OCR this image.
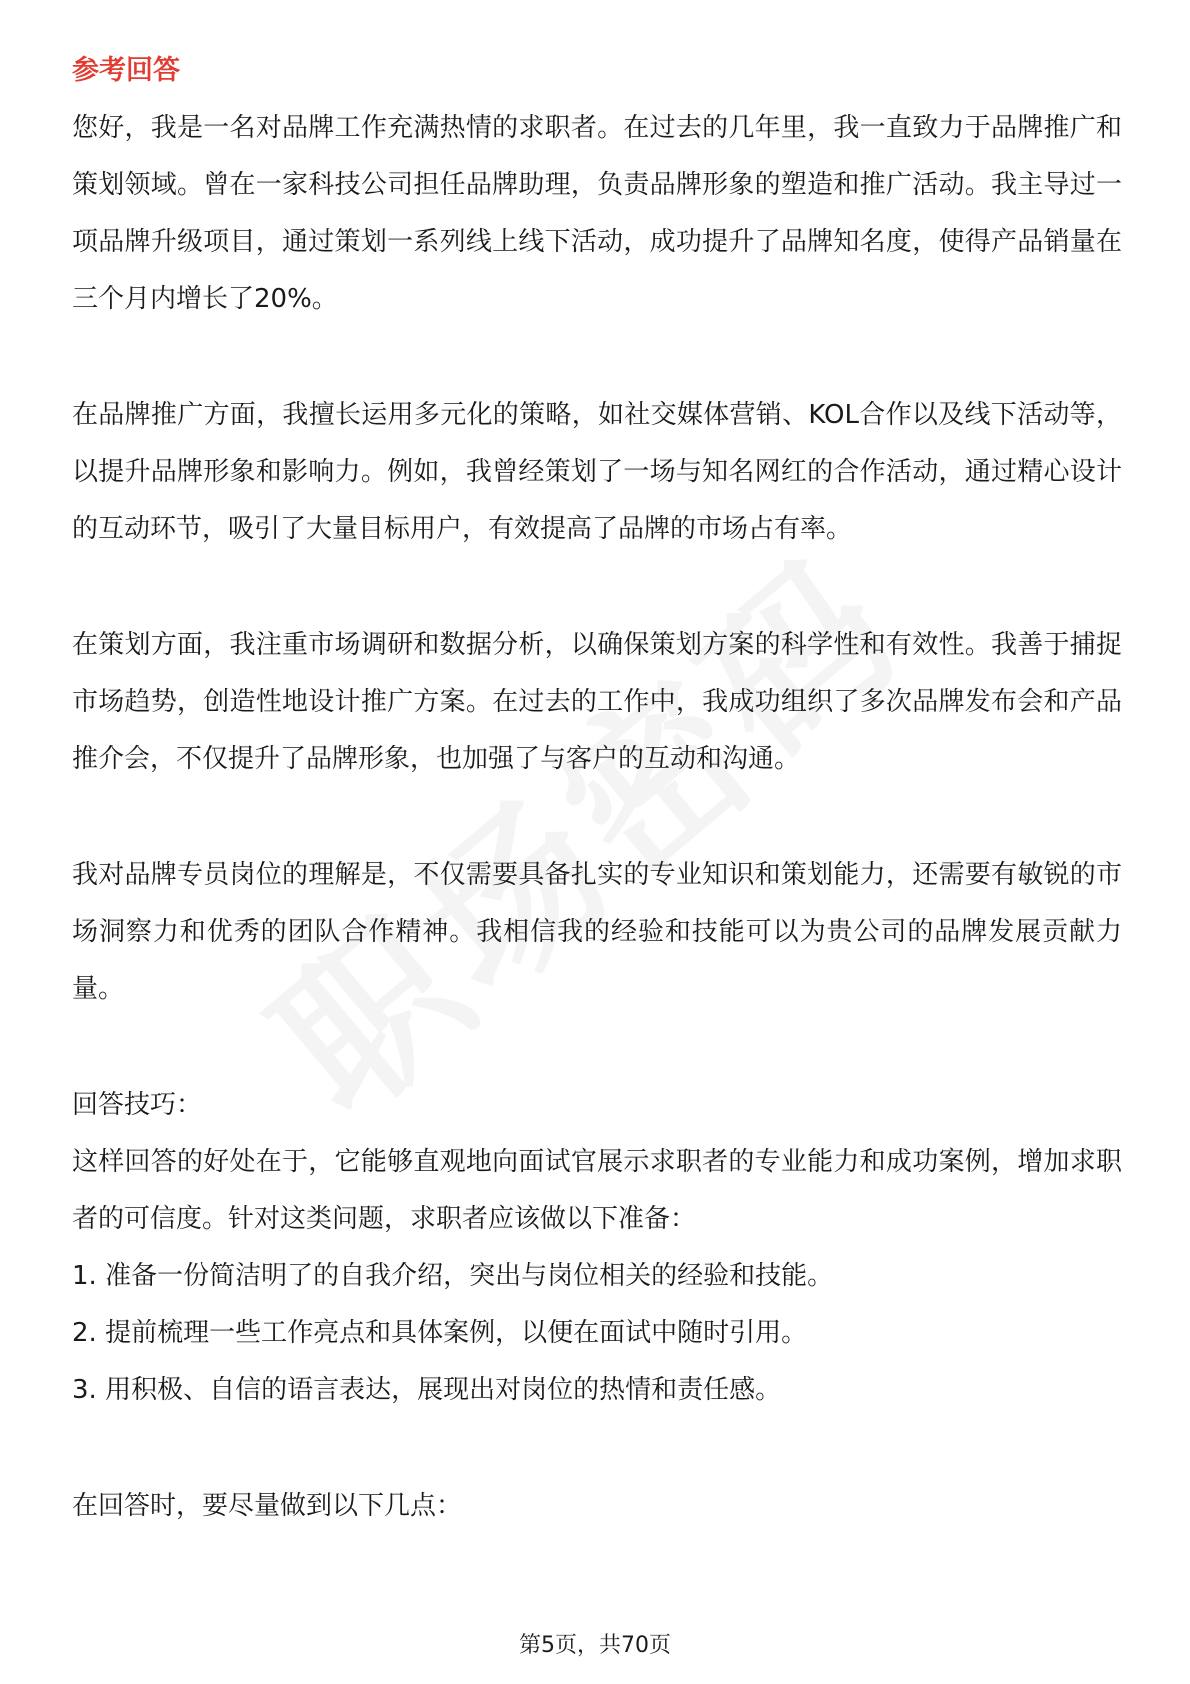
参考回答

您好，我是一名对品牌工作充满热情的求职者。在过去的几年里，我一直致力于品牌推广和策划领域。曾在一家科技公司担任品牌助理，负责品牌形象的塑造和推广活动。我主导过一项品牌升级项目，通过策划一系列线上线下活动，成功提升了品牌知名度，使得产品销量在三个月内增长了20%。

在品牌推广方面，我擅长运用多元化的策略，如社交媒体营销、KOL合作以及线下活动等，以提升品牌形象和影响力。例如，我曾经策划了一场与知名网红的合作活动，通过精心设计的互动环节，吸引了大量目标用户，有效提高了品牌的市场占有率。

在策划方面，我注重市场调研和数据分析，以确保策划方案的科学性和有效性。我善于捕捉市场趋势，创造性地设计推广方案。在过去的工作中，我成功组织了多次品牌发布会和产品推介会，不仅提升了品牌形象，也加强了与客户的互动和沟通。

我对品牌专员岗位的理解是，不仅需要具备扎实的专业知识和策划能力，还需要有敏锐的市场洞察力和优秀的团队合作精神。我相信我的经验和技能可以为贵公司的品牌发展贡献力量。

回答技巧：

这样回答的好处在于，它能够直观地向面试官展示求职者的专业能力和成功案例，增加求职者的可信度。针对这类问题，求职者应该做以下准备：

1. 准备一份简洁明了的自我介绍，突出与岗位相关的经验和技能。

2. 提前梳理一些工作亮点和具体案例，以便在面试中随时引用。

3. 用积极、自信的语言表达，展现出对岗位的热情和责任感。

在回答时，要尽量做到以下几点：

第5页，共70页
